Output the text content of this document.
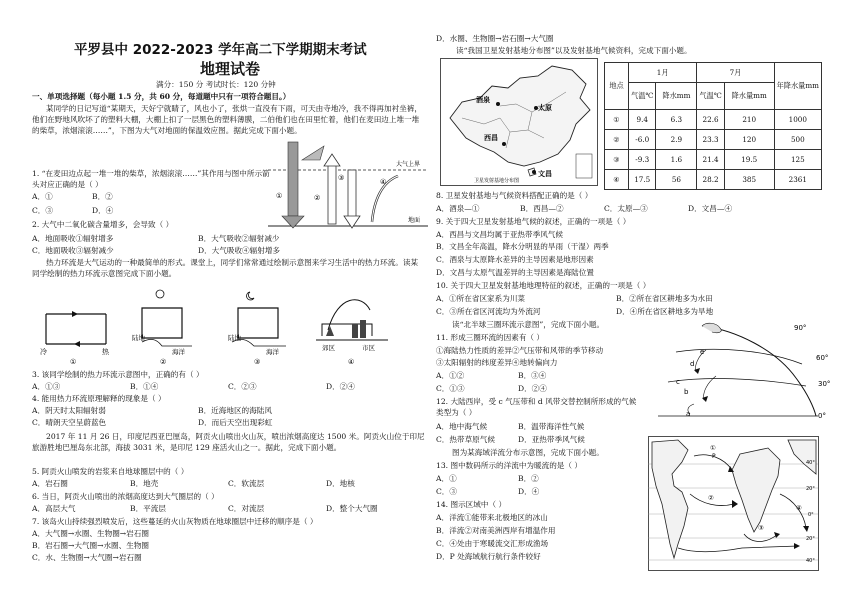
平罗县中 2022-2023 学年高二下学期期末考试
地理试卷
满分：150 分 考试时长：120 分钟
一、单项选择题（每小题 1.5 分，共 60 分，每道题中只有一项符合题目。）
某同学的日记写道“某期天，天好宁就睛了，风也小了，张烘一直没有下雨，可天由寺地冷，我不得再加衬坐裤，他们在野地风吹坏了的塑料大棚，大棚上扣了一层黑色的塑料薄膜，二伯他们也在田里忙着，他们在麦田边上堆一堆的柴草，浓烟滚滚……”，下图为大气对地面的保温效应图。据此完成下面小题。
大气上界
地面
①	②
③	④
1. “在麦田边点起一堆一堆的柴草，浓烟滚滚……”其作用与图中所示箭头对应正确的是（ ）
A．①	B．②
C．③	D．④
2. 大气中二氧化碳含量增多，会导致（ ）
A．地面吸收①辐射增多	B．大气吸收②辐射减少
C．地面吸收③辐射减少	D．大气吸收④辐射增多
热力环流是大气运动的一种最简单的形式。课堂上，同学们常常通过绘制示意图来学习生活中的热力环流。读某同学绘制的热力环流示意图完成下面小题。
冷	热
①
陆地
海洋
②
陆地
海洋
③
郊区	市区
④
3. 该同学绘制的热力环流示意图中，正确的有（ ）
A．①③	B．①④	C．②③	D．②④
4. 能用热力环流原理解释的现象是（ ）
A．阴天时太阳辐射弱	B．近海地区的海陆风
C．晴朗天空呈蔚蓝色	D．而后天空出现彩虹
2017 年 11 月 26 日，印度尼西亚巴厘岛，阿贡火山喷出火山灰，喷出浓烟高度达 1500 米。阿贡火山位于印尼旅游胜地巴厘岛东北部，海拔 3031 米，是印尼 129 座活火山之一。据此，完成下面小题。
5. 阿贡火山喷发的岩浆来自地球圈层中的（ ）
A．岩石圈	B．地壳	C．软流层	D．地核
6. 当日，阿贡火山喷出的浓烟高度达到大气圈层的（ ）
A．高层大气	B．平流层	C．对流层	D．整个大气圈
7. 该岛火山持续强烈喷发后，这些蔓延的火山灰物质在地球圈层中迁移的顺序是（ ）
A．大气圈→水圈、生物圈→岩石圈
B．岩石圈→大气圈→水圈、生物圈
C．水、生物圈→大气圈→岩石圈
D．水圈、生物圈→岩石圈→大气圈
读“我国卫星发射基地分布图”以及发射基地气候资料，完成下面小题。
酒泉
太原
西昌
文昌
卫星发射基地分布图
地点	1月		7月		年降水量mm
	气温℃	降水mm	气温℃	降水量mm	
①	9.4	6.3	22.6	210	1000
②	-6.0	2.9	23.3	120	500
③	-9.3	1.6	21.4	19.5	125
④	17.5	56	28.2	385	2361
8. 卫星发射基地与气候资料搭配正确的是（ ）
A．酒泉—①	B．西昌—②	C．太原—③	D．文昌—④
9. 关于四大卫星发射基地气候的叙述，正确的一项是（ ）
A．西昌与文昌均属于亚热带季风气候
B．文昌全年高温，降水分明显的旱雨（干湿）两季
C．酒泉与太原降水差异的主导因素是地形因素
D．文昌与太原气温差异的主导因素是海陆位置
10. 关于四大卫星发射基地地理特征的叙述，正确的一项是（ ）
A．①所在省区家系为川菜	B．②所在省区耕地多为水田
C．③所在省区河流均为外流河	D．④所在省区耕地多为旱地
读“北半球三圈环流示意图”，完成下面小题。
11. 形成三圈环流的因素有（ ）
①海陆热力性质的差异②气压带和风带的季节移动
③太阳辐射的纬度差异④地转偏向力
A．①②	B．③④
C．①③	D．②④
12. 大陆西岸，受 c 气压带和 d 风带交替控制所形成的气候类型为（ ）
A．地中海气候	B．温带海洋性气候
C．热带草原气候	D．亚热带季风气候
图为某海域洋流分布示意图，完成下面小题。
13. 图中数码所示的洋流中为暖流的是（ ）
A．①	B．②
C．③	D．④
14. 图示区域中（ ）
A．洋流①能带来北极地区的冰山
B．洋流②对南美洲西岸有增温作用
C．④处由于寒暖流交汇形成渔场
D．P 处海域航行航行条件较好
90°
60°
30°
0°
a
b
c
d
e
①
②
③
④
P
40°
20°
0°
20°
40°
